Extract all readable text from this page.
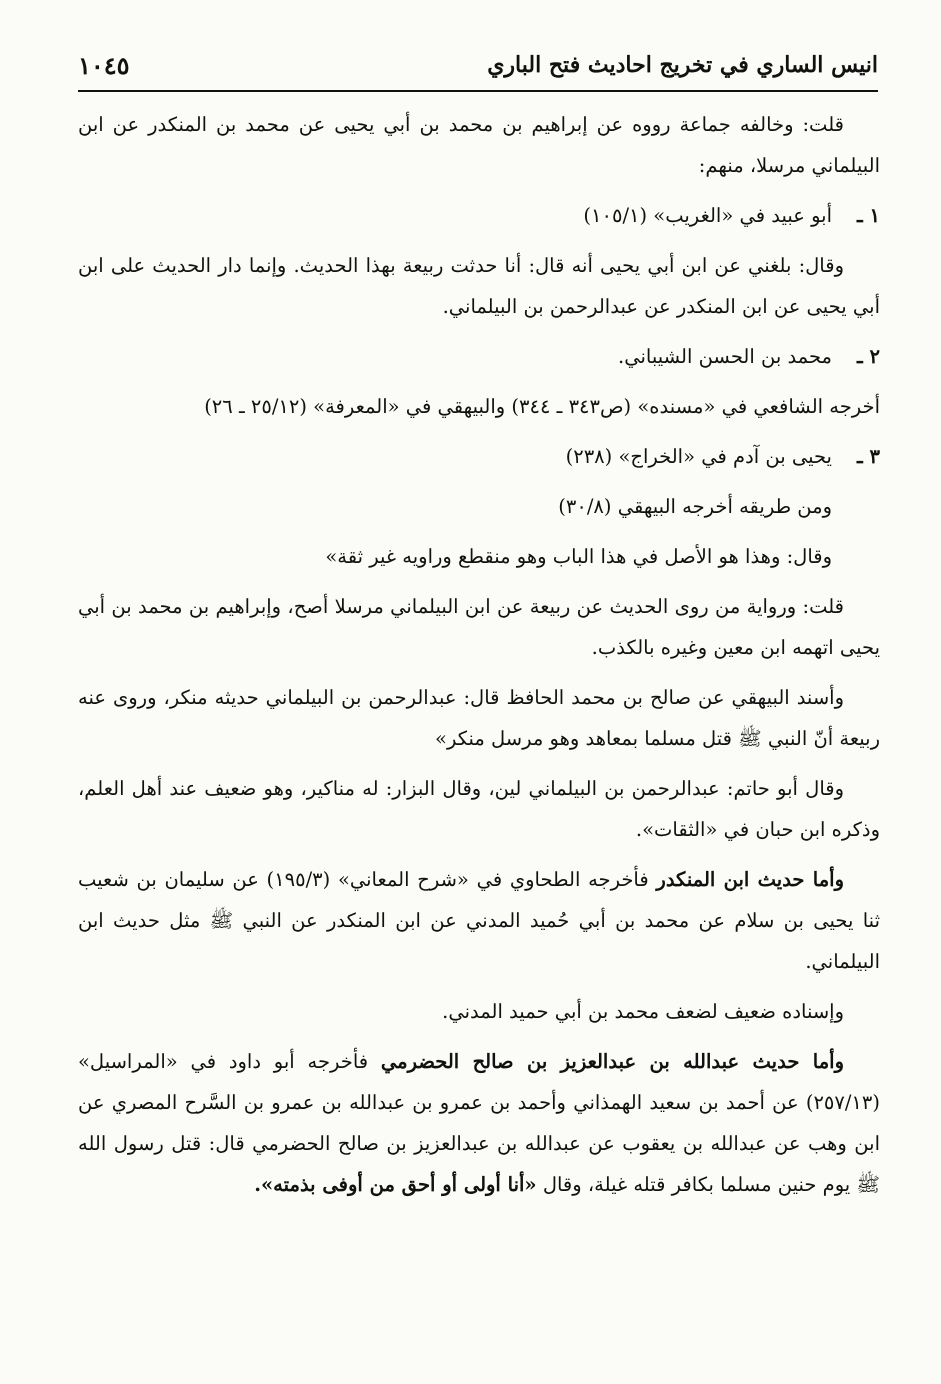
١٠٤٥	انيس الساري في تخريج احاديث فتح الباري

قلت: وخالفه جماعة رووه عن إبراهيم بن محمد بن أبي يحيى عن محمد بن المنكدر عن ابن البيلماني مرسلا، منهم:

١ ـ
أبو عبيد في «الغريب» (١٠٥/١)

وقال: بلغني عن ابن أبي يحيى أنه قال: أنا حدثت ربيعة بهذا الحديث. وإنما دار الحديث على ابن أبي يحيى عن ابن المنكدر عن عبدالرحمن بن البيلماني.

٢ ـ
محمد بن الحسن الشيباني.

أخرجه الشافعي في «مسنده» (ص٣٤٣ ـ ٣٤٤) والبيهقي في «المعرفة» (٢٥/١٢ ـ ٢٦)

٣ ـ
يحيى بن آدم في «الخراج» (٢٣٨)

ومن طريقه أخرجه البيهقي (٣٠/٨)

وقال: وهذا هو الأصل في هذا الباب وهو منقطع وراويه غير ثقة»

قلت: ورواية من روى الحديث عن ربيعة عن ابن البيلماني مرسلا أصح، وإبراهيم بن محمد بن أبي يحيى اتهمه ابن معين وغيره بالكذب.

وأسند البيهقي عن صالح بن محمد الحافظ قال: عبدالرحمن بن البيلماني حديثه منكر، وروى عنه ربيعة أنّ النبي ﷺ قتل مسلما بمعاهد وهو مرسل منكر»

وقال أبو حاتم: عبدالرحمن بن البيلماني لين، وقال البزار: له مناكير، وهو ضعيف عند أهل العلم، وذكره ابن حبان في «الثقات».

وأما حديث ابن المنكدر فأخرجه الطحاوي في «شرح المعاني» (١٩٥/٣) عن سليمان بن شعيب ثنا يحيى بن سلام عن محمد بن أبي حُميد المدني عن ابن المنكدر عن النبي ﷺ مثل حديث ابن البيلماني.

وإسناده ضعيف لضعف محمد بن أبي حميد المدني.

وأما حديث عبدالله بن عبدالعزيز بن صالح الحضرمي فأخرجه أبو داود في «المراسيل» (٢٥٧/١٣) عن أحمد بن سعيد الهمذاني وأحمد بن عمرو بن عبدالله بن عمرو بن السَّرح المصري عن ابن وهب عن عبدالله بن يعقوب عن عبدالله بن عبدالعزيز بن صالح الحضرمي قال: قتل رسول الله ﷺ يوم حنين مسلما بكافر قتله غيلة، وقال «أنا أولى أو أحق من أوفى بذمته».
